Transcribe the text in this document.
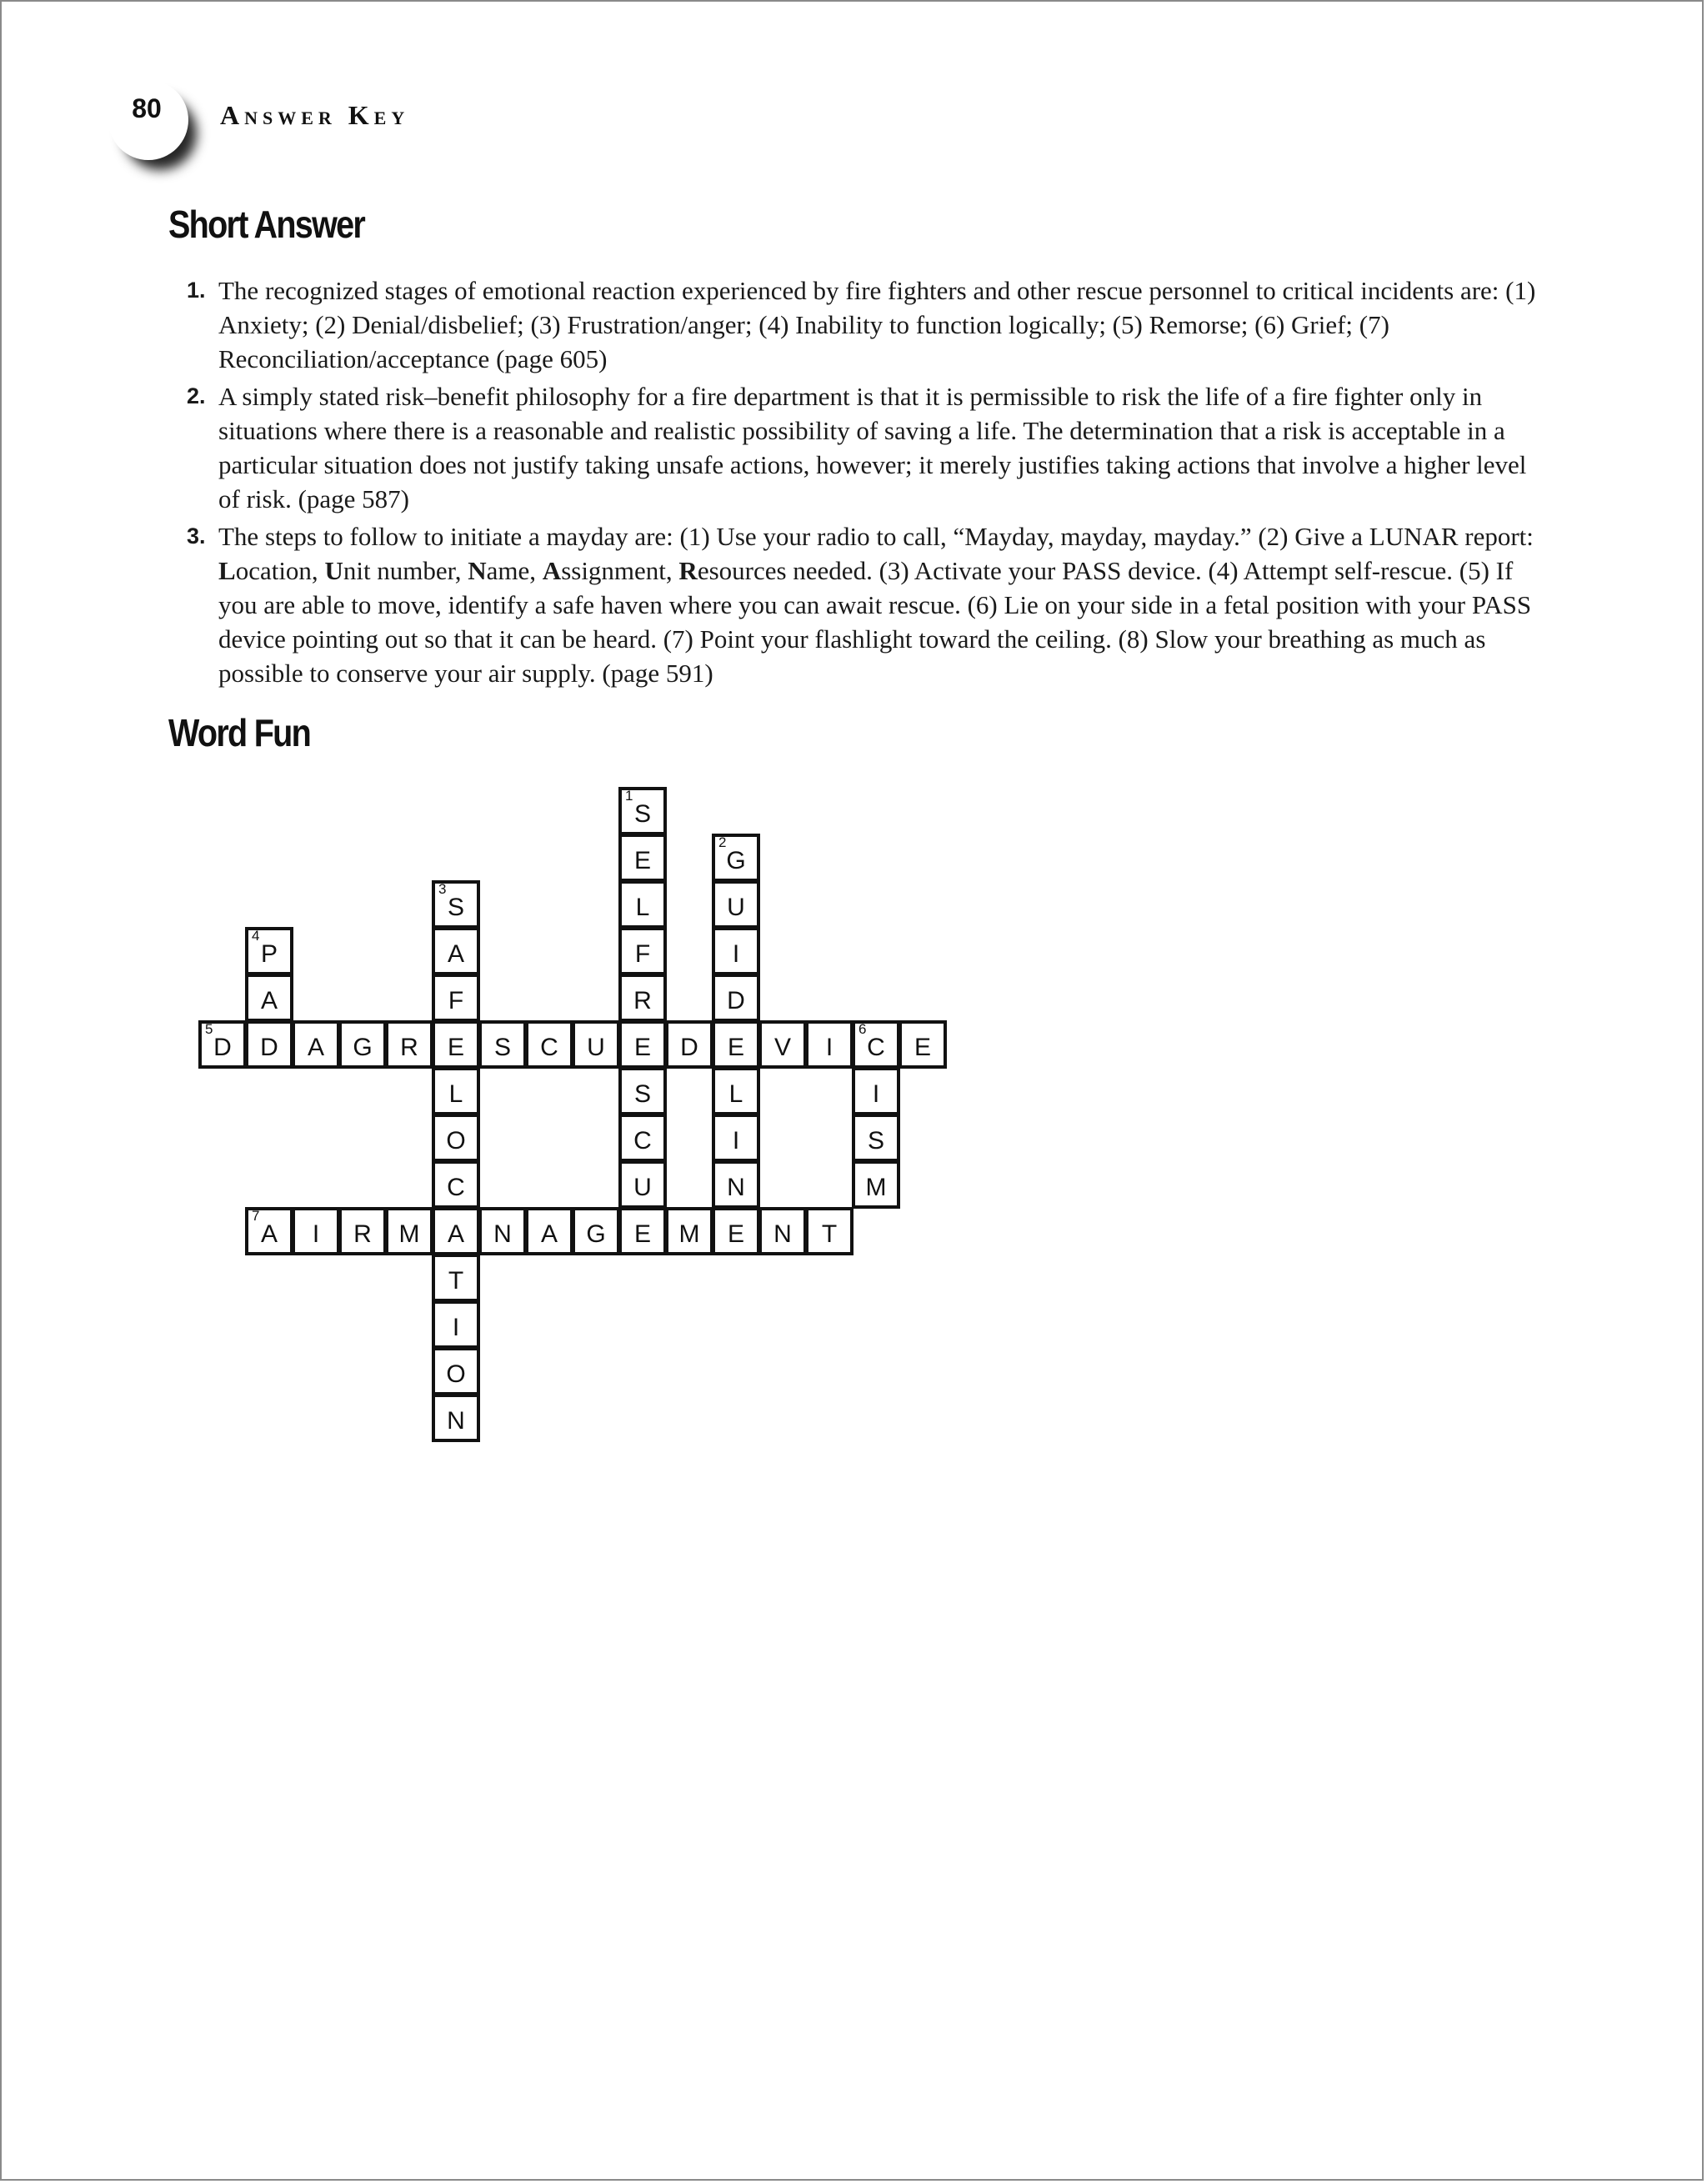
80	Answer Key
Short Answer
1. The recognized stages of emotional reaction experienced by fire fighters and other rescue personnel to critical incidents are: (1) Anxiety; (2) Denial/disbelief; (3) Frustration/anger; (4) Inability to function logically; (5) Remorse; (6) Grief; (7) Reconciliation/acceptance (page 605)
2. A simply stated risk–benefit philosophy for a fire department is that it is permissible to risk the life of a fire fighter only in situations where there is a reasonable and realistic possibility of saving a life. The determination that a risk is acceptable in a particular situation does not justify taking unsafe actions, however; it merely justifies taking actions that involve a higher level of risk. (page 587)
3. The steps to follow to initiate a mayday are: (1) Use your radio to call, “Mayday, mayday, mayday.” (2) Give a LUNAR report: Location, Unit number, Name, Assignment, Resources needed. (3) Activate your PASS device. (4) Attempt self-rescue. (5) If you are able to move, identify a safe haven where you can await rescue. (6) Lie on your side in a fetal position with your PASS device pointing out so that it can be heard. (7) Point your flashlight toward the ceiling. (8) Slow your breathing as much as possible to conserve your air supply. (page 591)
Word Fun
1
S
E
L
F
R
E
S
C
U
E
2
G
U
I
D
E
L
I
N
E
3
S
A
F
E
L
O
C
A
T
I
O
N
4
P
A
D
5
D	A	G	R	S	C	U	D	V	I
6
C	E
I
S
M
7
A	I	R	M	N	A	G	M	N	T
